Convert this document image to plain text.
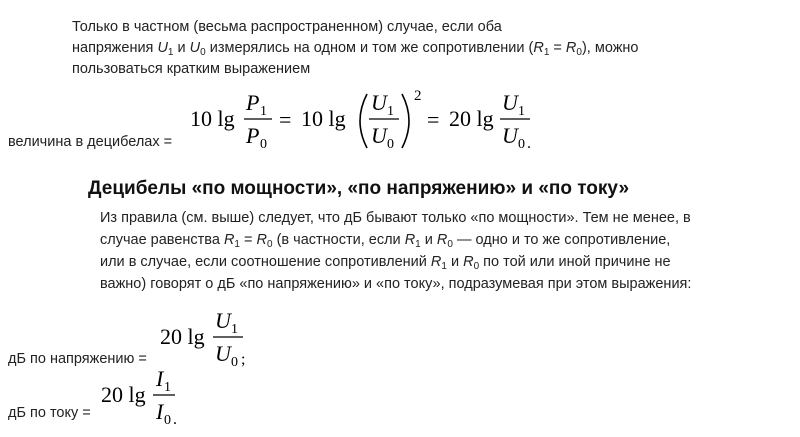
Только в частном (весьма распространенном) случае, если оба
напряжения $U_1$ и $U_0$ измерялись на одном и том же сопротивлении $(R_1 = R_0)$, можно
пользоваться кратким выражением
величина в децибелах =
10 lg
P 1
P 0
= 10 lg
U 1
U 0
2
= 20 lg
U 1
U 0 .
Децибелы «по мощности», «по напряжению» и «по току»
Из правила (см. выше) следует, что дБ бывают только «по мощности». Тем не менее, в
случае равенства $R_1 = R_0$ (в частности, если $R_1$ и $R_0$ — одно и то же сопротивление,
или в случае, если соотношение сопротивлений $R_1$ и $R_0$ по той или иной причине не
важно) говорят о дБ «по напряжению» и «по току», подразумевая при этом выражения:
дБ по напряжению =
20 lg
U 1
U 0 ;
дБ по току =
20 lg
I 1
I 0 .
